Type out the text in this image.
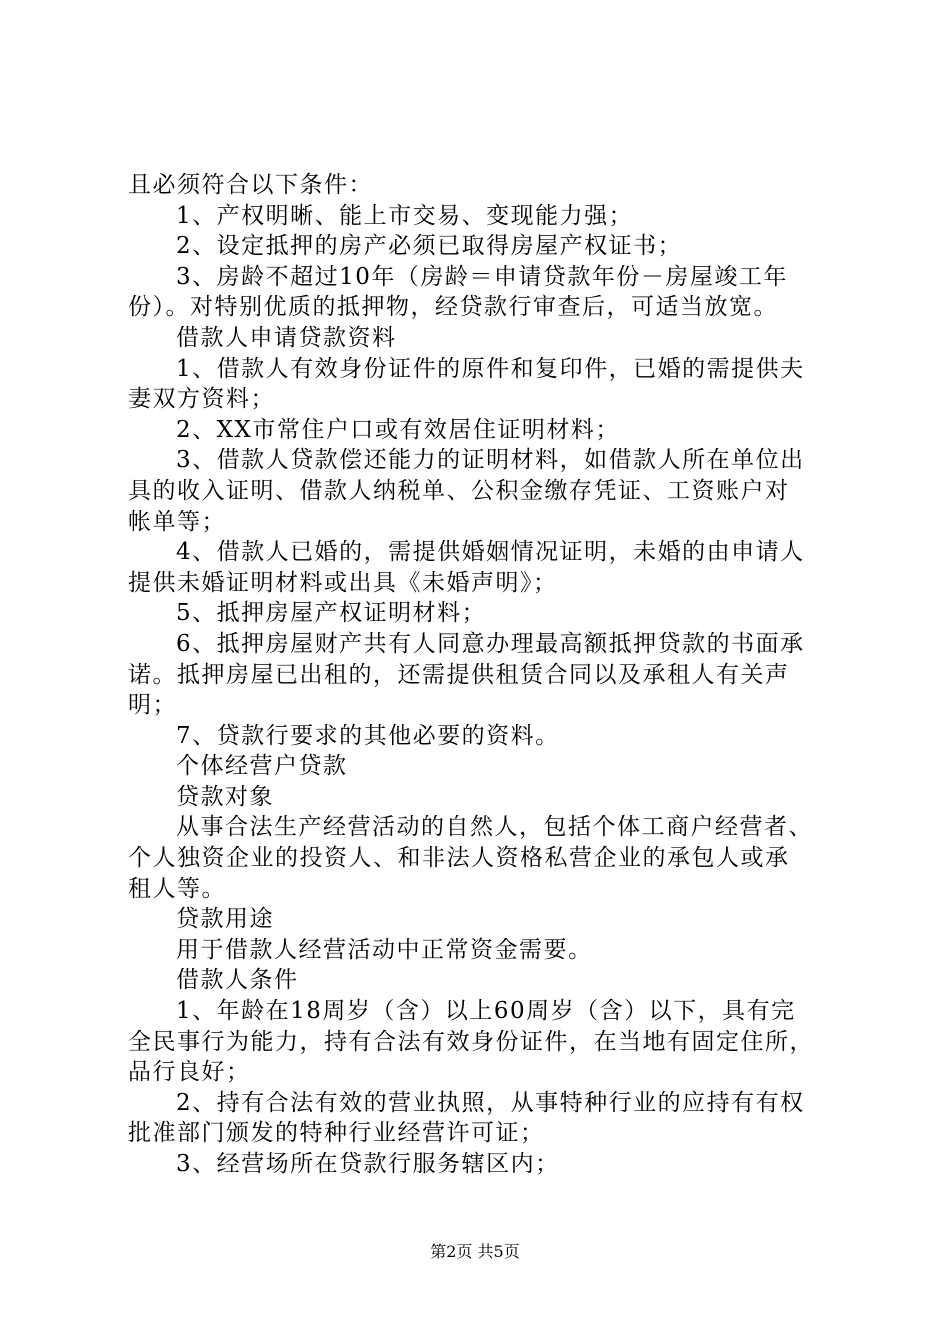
且必须符合以下条件：
1、产权明晰、能上市交易、变现能力强；
2、设定抵押的房产必须已取得房屋产权证书；
3、房龄不超过10年（房龄＝申请贷款年份－房屋竣工年
份）。对特别优质的抵押物，经贷款行审查后，可适当放宽。
借款人申请贷款资料
1、借款人有效身份证件的原件和复印件，已婚的需提供夫
妻双方资料；
2、XX市常住户口或有效居住证明材料；
3、借款人贷款偿还能力的证明材料，如借款人所在单位出
具的收入证明、借款人纳税单、公积金缴存凭证、工资账户对
帐单等；
4、借款人已婚的，需提供婚姻情况证明，未婚的由申请人
提供未婚证明材料或出具《未婚声明》；
5、抵押房屋产权证明材料；
6、抵押房屋财产共有人同意办理最高额抵押贷款的书面承
诺。抵押房屋已出租的，还需提供租赁合同以及承租人有关声
明；
7、贷款行要求的其他必要的资料。
个体经营户贷款
贷款对象
从事合法生产经营活动的自然人，包括个体工商户经营者、
个人独资企业的投资人、和非法人资格私营企业的承包人或承
租人等。
贷款用途
用于借款人经营活动中正常资金需要。
借款人条件
1、年龄在18周岁（含）以上60周岁（含）以下，具有完
全民事行为能力，持有合法有效身份证件，在当地有固定住所，
品行良好；
2、持有合法有效的营业执照，从事特种行业的应持有有权
批准部门颁发的特种行业经营许可证；
3、经营场所在贷款行服务辖区内；
第2页 共5页
